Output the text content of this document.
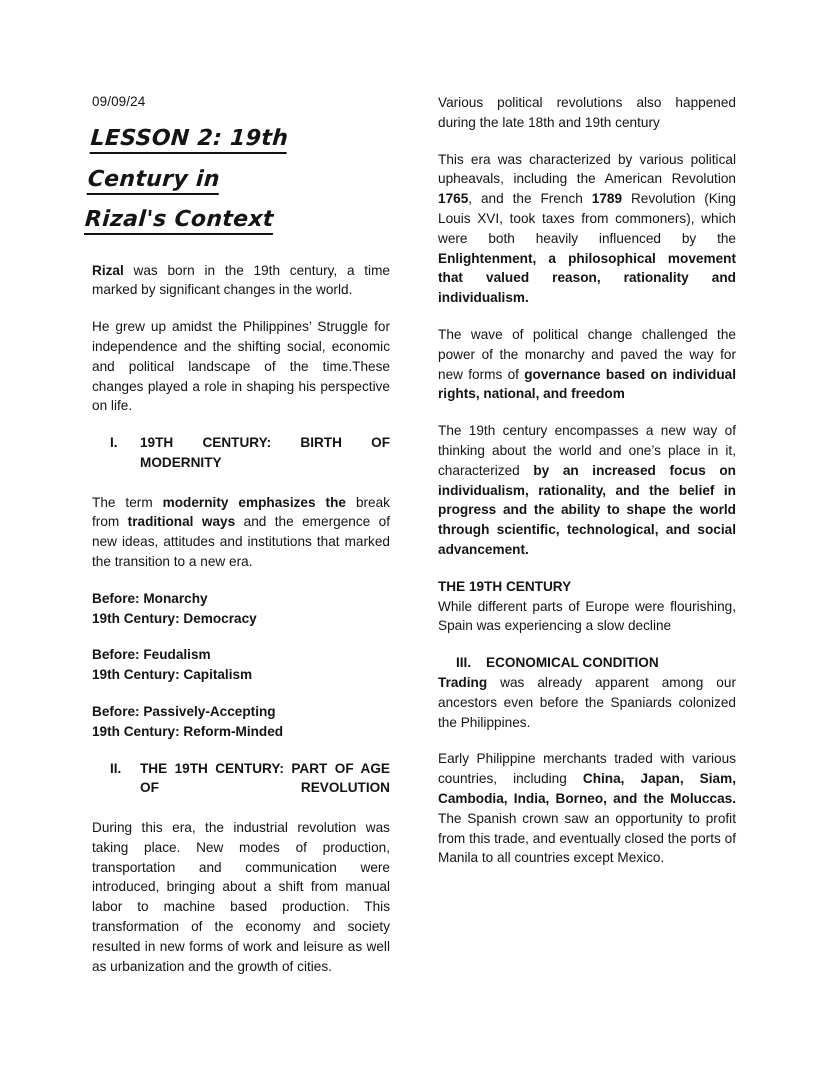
09/09/24
LESSON 2: 19th Century in
Rizal's Context

Rizal was born in the 19th century, a time marked by significant changes in the world.

He grew up amidst the Philippines’ Struggle for independence and the shifting social, economic and political landscape of the time.These changes played a role in shaping his perspective on life.

I.	19TH CENTURY: BIRTH OF MODERNITY

The term modernity emphasizes the break from traditional ways and the emergence of new ideas, attitudes and institutions that marked the transition to a new era.

Before: Monarchy
19th Century: Democracy
Before: Feudalism
19th Century: Capitalism
Before: Passively-Accepting
19th Century: Reform-Minded
II.	THE 19TH CENTURY: PART OF AGE OF REVOLUTION

During this era, the industrial revolution was taking place. New modes of production, transportation and communication were introduced, bringing about a shift from manual labor to machine based production. This transformation of the economy and society resulted in new forms of work and leisure as well as urbanization and the growth of cities.

Various political revolutions also happened during the late 18th and 19th century

This era was characterized by various political upheavals, including the American Revolution 1765, and the French 1789 Revolution (King Louis XVI, took taxes from commoners), which were both heavily influenced by the Enlightenment, a philosophical movement that valued reason, rationality and individualism.

The wave of political change challenged the power of the monarchy and paved the way for new forms of governance based on individual rights, national, and freedom

The 19th century encompasses a new way of thinking about the world and one’s place in it, characterized by an increased focus on individualism, rationality, and the belief in progress and the ability to shape the world through scientific, technological, and social advancement.

THE 19TH CENTURY

While different parts of Europe were flourishing, Spain was experiencing a slow decline

III.	ECONOMICAL CONDITION

Trading was already apparent among our ancestors even before the Spaniards colonized the Philippines.

Early Philippine merchants traded with various countries, including China, Japan, Siam, Cambodia, India, Borneo, and the Moluccas. The Spanish crown saw an opportunity to profit from this trade, and eventually closed the ports of Manila to all countries except Mexico.
